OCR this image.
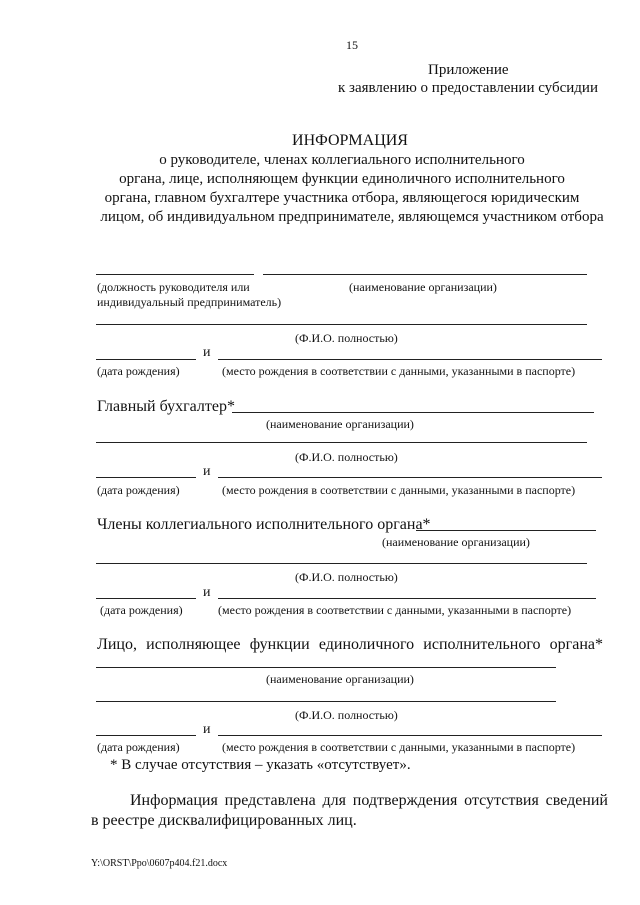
15
Приложение
к заявлению о предоставлении субсидии
ИНФОРМАЦИЯ
о руководителе, членах коллегиального исполнительного
органа, лице, исполняющем функции единоличного исполнительного
органа, главном бухгалтере участника отбора, являющегося юридическим
лицом, об индивидуальном предпринимателе, являющемся участником отбора
(должность руководителя или	(наименование организации)
индивидуальный предприниматель)
(Ф.И.О. полностью)
и
(дата рождения)	(место рождения в соответствии с данными, указанными в паспорте)
Главный бухгалтер*
(наименование организации)
(Ф.И.О. полностью)
и
(дата рождения)	(место рождения в соответствии с данными, указанными в паспорте)
Члены коллегиального исполнительного органа*
(наименование организации)
(Ф.И.О. полностью)
и
(дата рождения)	(место рождения в соответствии с данными, указанными в паспорте)
Лицо, исполняющее функции единоличного исполнительного органа*
(наименование организации)
(Ф.И.О. полностью)
и
(дата рождения)	(место рождения в соответствии с данными, указанными в паспорте)
* В случае отсутствия – указать «отсутствует».
Информация представлена для подтверждения отсутствия сведений
в реестре дисквалифицированных лиц.
Y:\ORST\Ppo\0607p404.f21.docx
